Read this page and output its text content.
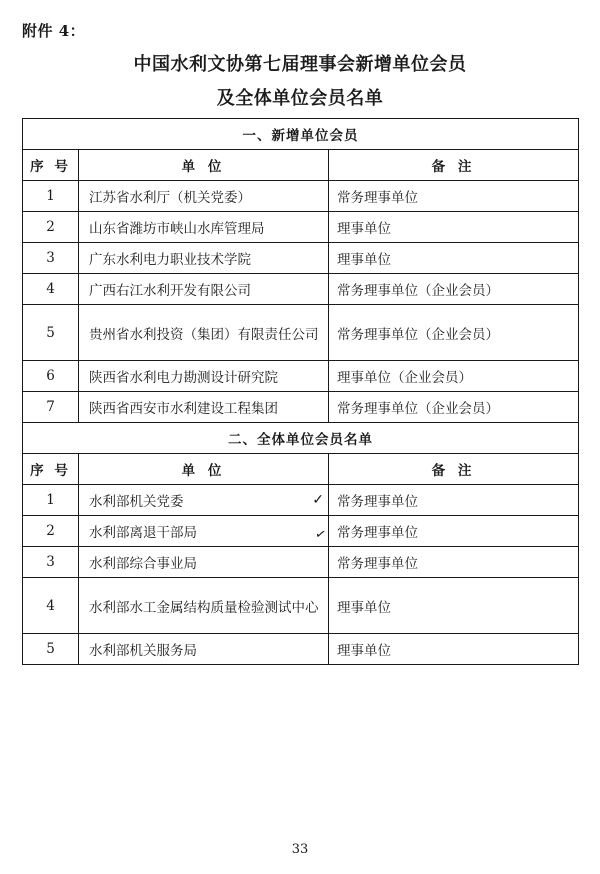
附件 4：
中国水利文协第七届理事会新增单位会员
及全体单位会员名单
一、新增单位会员		
序 号	单 位	备 注
1	江苏省水利厅（机关党委）	常务理事单位
2	山东省潍坊市峡山水库管理局	理事单位
3	广东水利电力职业技术学院	理事单位
4	广西右江水利开发有限公司	常务理事单位（企业会员）
5	贵州省水利投资（集团）有限责任公司	常务理事单位（企业会员）
6	陕西省水利电力勘测设计研究院	理事单位（企业会员）
7	陕西省西安市水利建设工程集团	常务理事单位（企业会员）
二、全体单位会员名单		
序 号	单 位	备 注
1	水利部机关党委 ✓	常务理事单位
2	水利部离退干部局 ✓	常务理事单位
3	水利部综合事业局	常务理事单位
4	水利部水工金属结构质量检验测试中心	理事单位
5	水利部机关服务局	理事单位
33
